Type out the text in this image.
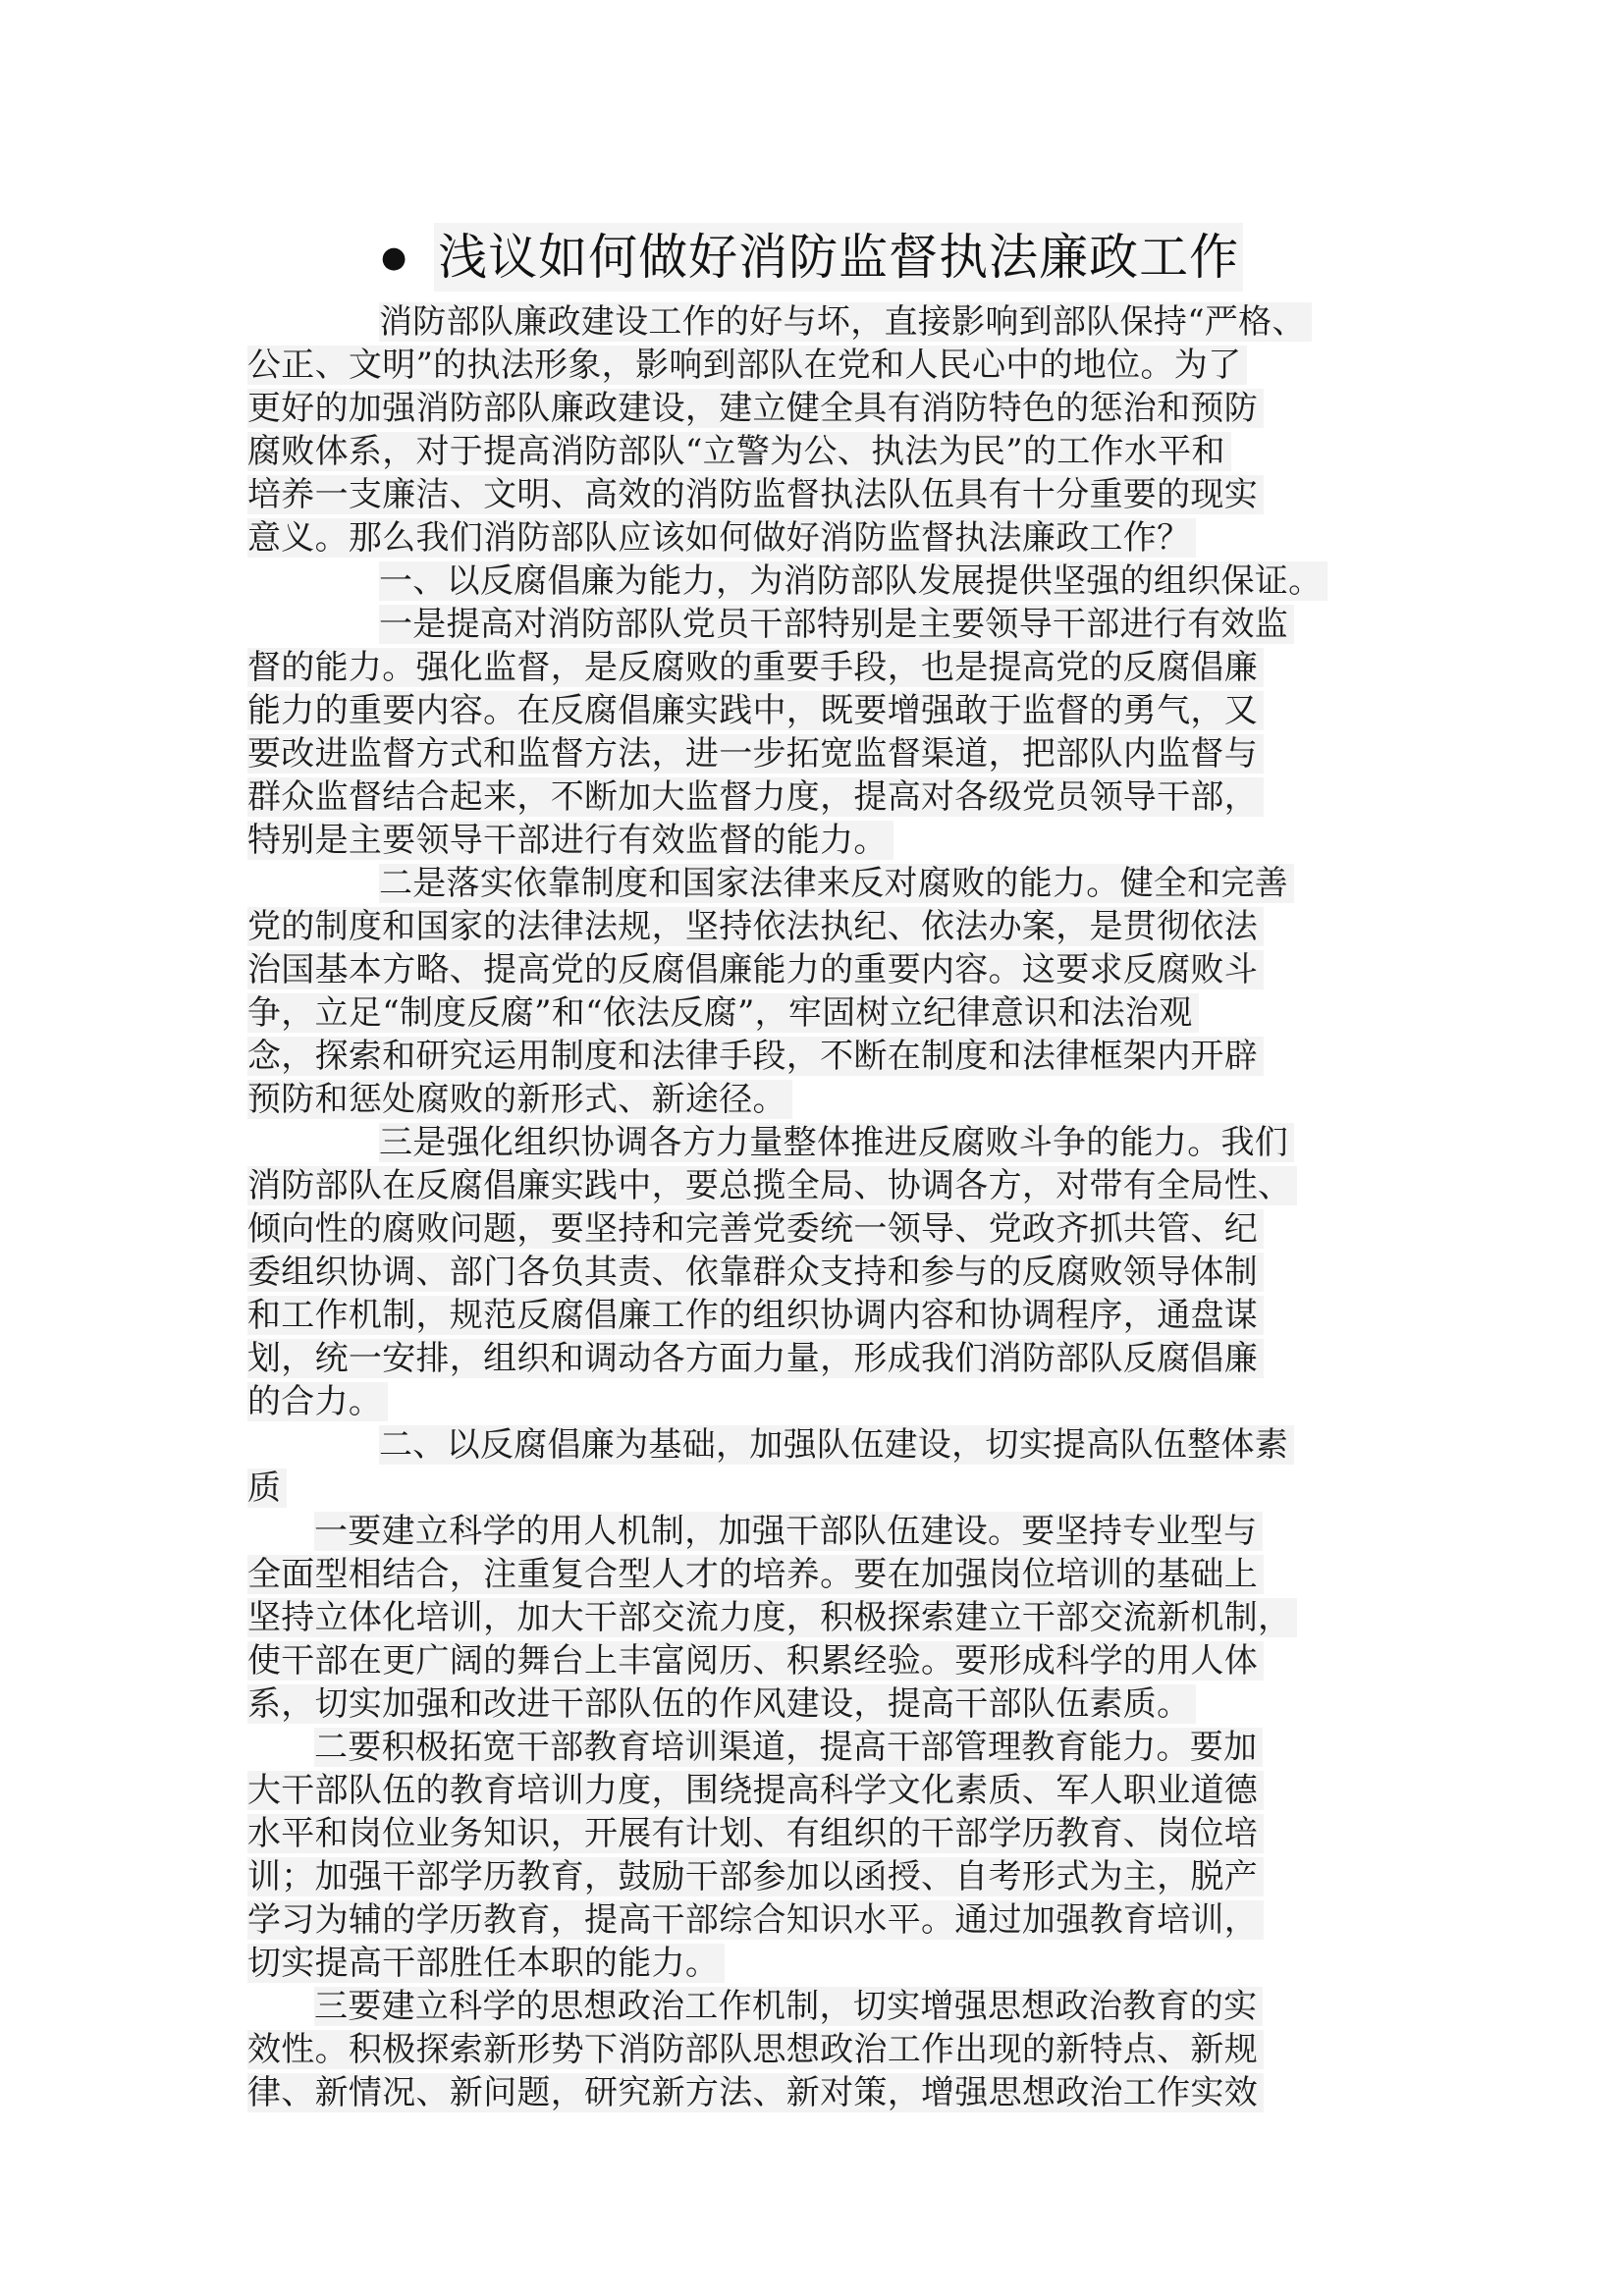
● 浅议如何做好消防监督执法廉政工作
消防部队廉政建设工作的好与坏，直接影响到部队保持“严格、
公正、文明”的执法形象，影响到部队在党和人民心中的地位。为了
更好的加强消防部队廉政建设，建立健全具有消防特色的惩治和预防
腐败体系，对于提高消防部队“立警为公、执法为民”的工作水平和
培养一支廉洁、文明、高效的消防监督执法队伍具有十分重要的现实
意义。那么我们消防部队应该如何做好消防监督执法廉政工作？
一、以反腐倡廉为能力，为消防部队发展提供坚强的组织保证。
一是提高对消防部队党员干部特别是主要领导干部进行有效监
督的能力。强化监督，是反腐败的重要手段，也是提高党的反腐倡廉
能力的重要内容。在反腐倡廉实践中，既要增强敢于监督的勇气，又
要改进监督方式和监督方法，进一步拓宽监督渠道，把部队内监督与
群众监督结合起来，不断加大监督力度，提高对各级党员领导干部，
特别是主要领导干部进行有效监督的能力。
二是落实依靠制度和国家法律来反对腐败的能力。健全和完善
党的制度和国家的法律法规，坚持依法执纪、依法办案，是贯彻依法
治国基本方略、提高党的反腐倡廉能力的重要内容。这要求反腐败斗
争，立足“制度反腐”和“依法反腐”，牢固树立纪律意识和法治观
念，探索和研究运用制度和法律手段，不断在制度和法律框架内开辟
预防和惩处腐败的新形式、新途径。
三是强化组织协调各方力量整体推进反腐败斗争的能力。我们
消防部队在反腐倡廉实践中，要总揽全局、协调各方，对带有全局性、
倾向性的腐败问题，要坚持和完善党委统一领导、党政齐抓共管、纪
委组织协调、部门各负其责、依靠群众支持和参与的反腐败领导体制
和工作机制，规范反腐倡廉工作的组织协调内容和协调程序，通盘谋
划，统一安排，组织和调动各方面力量，形成我们消防部队反腐倡廉
的合力。
二、以反腐倡廉为基础，加强队伍建设，切实提高队伍整体素
质
一要建立科学的用人机制，加强干部队伍建设。要坚持专业型与
全面型相结合，注重复合型人才的培养。要在加强岗位培训的基础上
坚持立体化培训，加大干部交流力度，积极探索建立干部交流新机制，
使干部在更广阔的舞台上丰富阅历、积累经验。要形成科学的用人体
系，切实加强和改进干部队伍的作风建设，提高干部队伍素质。
二要积极拓宽干部教育培训渠道，提高干部管理教育能力。要加
大干部队伍的教育培训力度，围绕提高科学文化素质、军人职业道德
水平和岗位业务知识，开展有计划、有组织的干部学历教育、岗位培
训；加强干部学历教育，鼓励干部参加以函授、自考形式为主，脱产
学习为辅的学历教育，提高干部综合知识水平。通过加强教育培训，
切实提高干部胜任本职的能力。
三要建立科学的思想政治工作机制，切实增强思想政治教育的实
效性。积极探索新形势下消防部队思想政治工作出现的新特点、新规
律、新情况、新问题，研究新方法、新对策，增强思想政治工作实效
